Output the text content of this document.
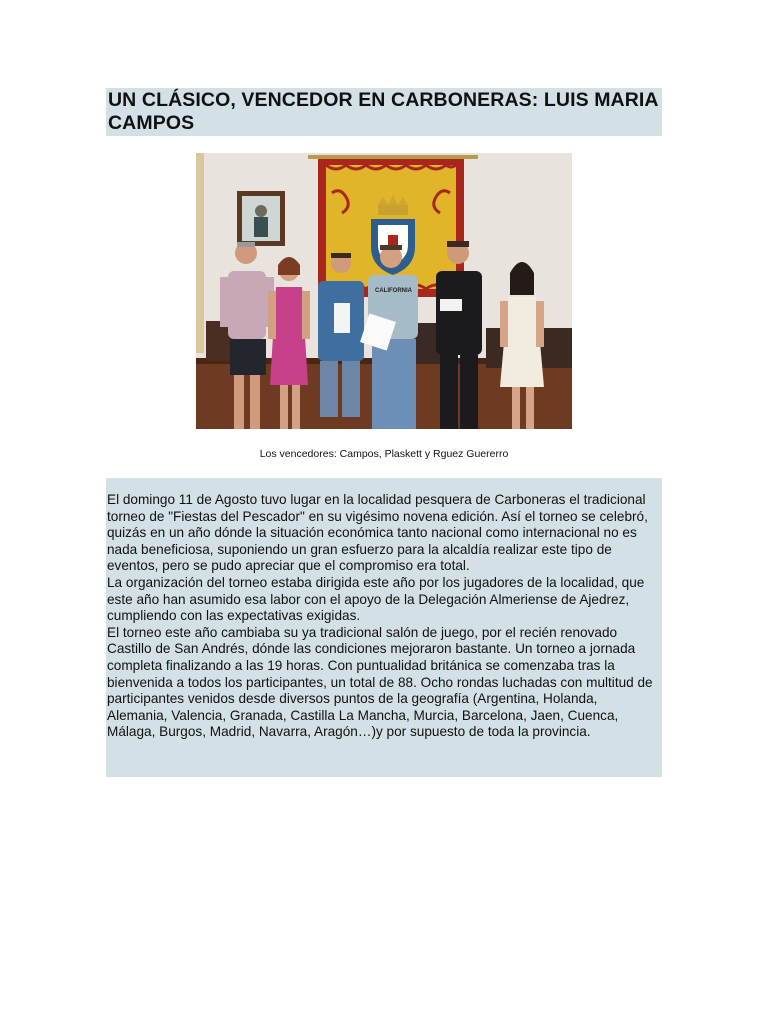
UN CLÁSICO, VENCEDOR EN CARBONERAS: LUIS MARIA CAMPOS
CALIFORNIA
Los vencedores: Campos, Plaskett y Rguez Guererro

El domingo 11 de Agosto tuvo lugar en la localidad pesquera de Carboneras el tradicional torneo de "Fiestas del Pescador" en su vigésimo novena edición. Así el torneo se celebró, quizás en un año dónde la situación económica tanto nacional como internacional no es nada beneficiosa, suponiendo un gran esfuerzo para la alcaldía realizar este tipo de eventos, pero se pudo apreciar que el compromiso era total.

La organización del torneo estaba dirigida este año por los jugadores de la localidad, que este año han asumido esa labor con el apoyo de la Delegación Almeriense de Ajedrez, cumpliendo con las expectativas exigidas.

El torneo este año cambiaba su ya tradicional salón de juego, por el recién renovado Castillo de San Andrés, dónde las condiciones mejoraron bastante. Un torneo a jornada completa finalizando a las 19 horas. Con puntualidad británica se comenzaba tras la bienvenida a todos los participantes, un total de 88. Ocho rondas luchadas con multitud de participantes venidos desde diversos puntos de la geografía (Argentina, Holanda, Alemania, Valencia, Granada, Castilla La Mancha, Murcia, Barcelona, Jaen, Cuenca, Málaga, Burgos, Madrid, Navarra, Aragón…)y por supuesto de toda la provincia.
